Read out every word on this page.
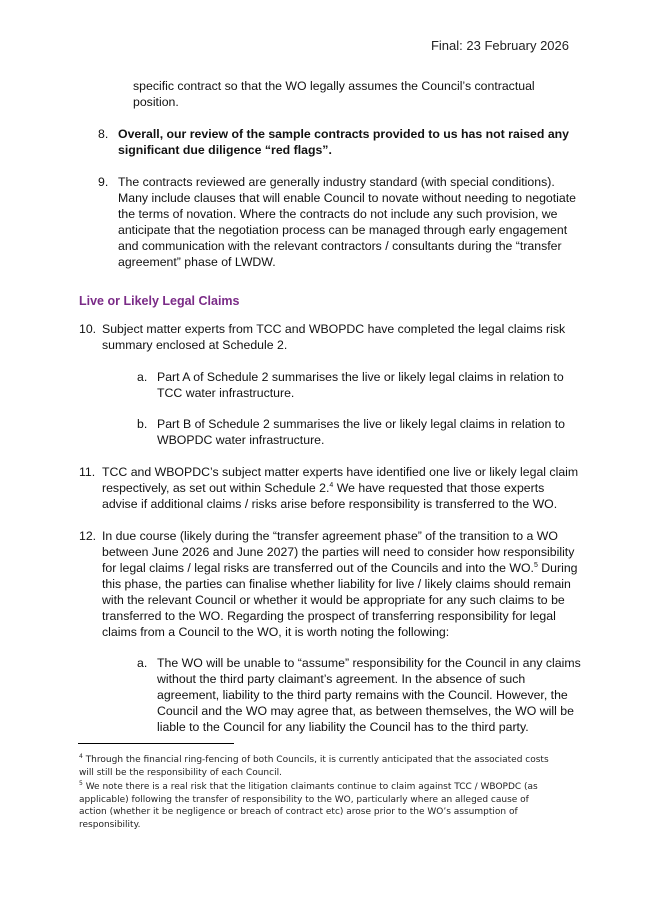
Final: 23 February 2026
specific contract so that the WO legally assumes the Council’s contractual
position.
8. Overall, our review of the sample contracts provided to us has not raised any
significant due diligence “red flags”.
9. The contracts reviewed are generally industry standard (with special conditions).
Many include clauses that will enable Council to novate without needing to negotiate
the terms of novation. Where the contracts do not include any such provision, we
anticipate that the negotiation process can be managed through early engagement
and communication with the relevant contractors / consultants during the “transfer
agreement” phase of LWDW.
Live or Likely Legal Claims
10. Subject matter experts from TCC and WBOPDC have completed the legal claims risk
summary enclosed at Schedule 2.
a. Part A of Schedule 2 summarises the live or likely legal claims in relation to
TCC water infrastructure.
b. Part B of Schedule 2 summarises the live or likely legal claims in relation to
WBOPDC water infrastructure.
11. TCC and WBOPDC’s subject matter experts have identified one live or likely legal claim
respectively, as set out within Schedule 2.$^4$ We have requested that those experts
advise if additional claims / risks arise before responsibility is transferred to the WO.
12. In due course (likely during the “transfer agreement phase” of the transition to a WO
between June 2026 and June 2027) the parties will need to consider how responsibility
for legal claims / legal risks are transferred out of the Councils and into the WO.$^5$ During
this phase, the parties can finalise whether liability for live / likely claims should remain
with the relevant Council or whether it would be appropriate for any such claims to be
transferred to the WO. Regarding the prospect of transferring responsibility for legal
claims from a Council to the WO, it is worth noting the following:
a. The WO will be unable to “assume” responsibility for the Council in any claims
without the third party claimant’s agreement. In the absence of such
agreement, liability to the third party remains with the Council. However, the
Council and the WO may agree that, as between themselves, the WO will be
liable to the Council for any liability the Council has to the third party.
$^4$ Through the financial ring-fencing of both Councils, it is currently anticipated that the associated costs
will still be the responsibility of each Council.
$^5$ We note there is a real risk that the litigation claimants continue to claim against TCC / WBOPDC (as
applicable) following the transfer of responsibility to the WO, particularly where an alleged cause of
action (whether it be negligence or breach of contract etc) arose prior to the WO’s assumption of
responsibility.
